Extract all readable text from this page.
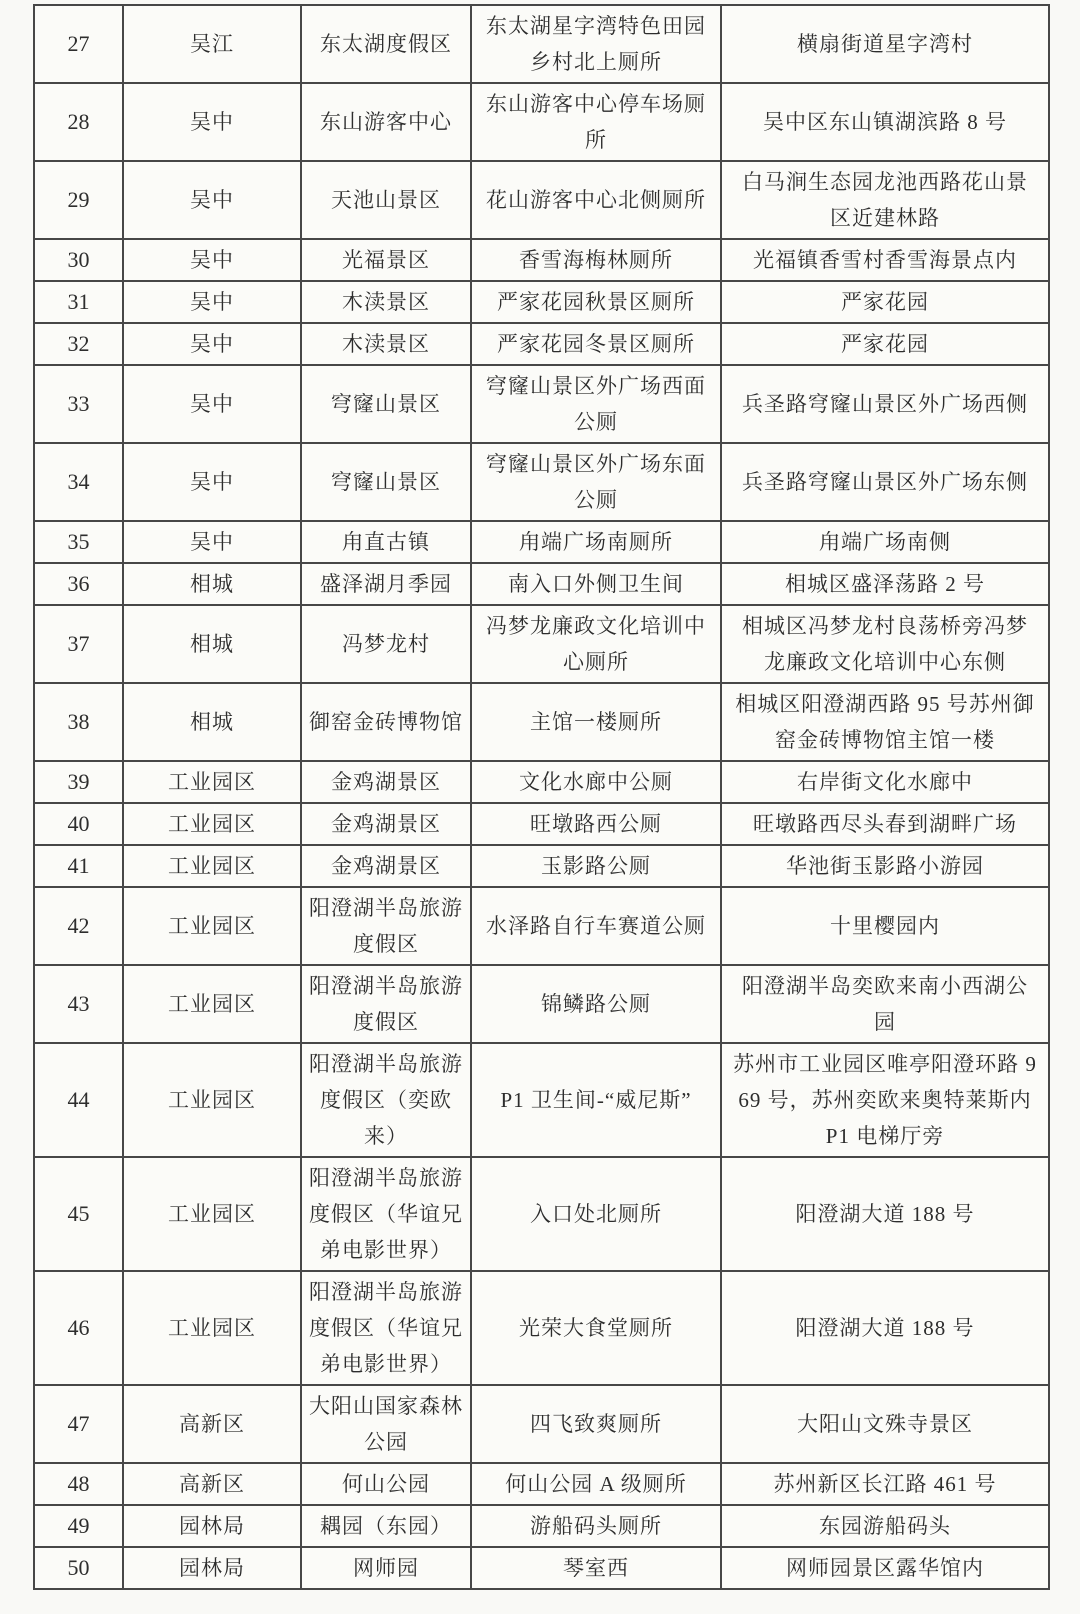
27	吴江	东太湖度假区	东太湖星字湾特色田园乡村北上厕所	横扇街道星字湾村
28	吴中	东山游客中心	东山游客中心停车场厕所	吴中区东山镇湖滨路 8 号
29	吴中	天池山景区	花山游客中心北侧厕所	白马涧生态园龙池西路花山景区近建林路
30	吴中	光福景区	香雪海梅林厕所	光福镇香雪村香雪海景点内
31	吴中	木渎景区	严家花园秋景区厕所	严家花园
32	吴中	木渎景区	严家花园冬景区厕所	严家花园
33	吴中	穹窿山景区	穹窿山景区外广场西面公厕	兵圣路穹窿山景区外广场西侧
34	吴中	穹窿山景区	穹窿山景区外广场东面公厕	兵圣路穹窿山景区外广场东侧
35	吴中	甪直古镇	甪端广场南厕所	甪端广场南侧
36	相城	盛泽湖月季园	南入口外侧卫生间	相城区盛泽荡路 2 号
37	相城	冯梦龙村	冯梦龙廉政文化培训中心厕所	相城区冯梦龙村良荡桥旁冯梦龙廉政文化培训中心东侧
38	相城	御窑金砖博物馆	主馆一楼厕所	相城区阳澄湖西路 95 号苏州御窑金砖博物馆主馆一楼
39	工业园区	金鸡湖景区	文化水廊中公厕	右岸街文化水廊中
40	工业园区	金鸡湖景区	旺墩路西公厕	旺墩路西尽头春到湖畔广场
41	工业园区	金鸡湖景区	玉影路公厕	华池街玉影路小游园
42	工业园区	阳澄湖半岛旅游度假区	水泽路自行车赛道公厕	十里樱园内
43	工业园区	阳澄湖半岛旅游度假区	锦鳞路公厕	阳澄湖半岛奕欧来南小西湖公园
44	工业园区	阳澄湖半岛旅游度假区（奕欧来）	P1 卫生间-“威尼斯”	苏州市工业园区唯亭阳澄环路 969 号，苏州奕欧来奥特莱斯内 P1 电梯厅旁
45	工业园区	阳澄湖半岛旅游度假区（华谊兄弟电影世界）	入口处北厕所	阳澄湖大道 188 号
46	工业园区	阳澄湖半岛旅游度假区（华谊兄弟电影世界）	光荣大食堂厕所	阳澄湖大道 188 号
47	高新区	大阳山国家森林公园	四飞致爽厕所	大阳山文殊寺景区
48	高新区	何山公园	何山公园 A 级厕所	苏州新区长江路 461 号
49	园林局	耦园（东园）	游船码头厕所	东园游船码头
50	园林局	网师园	琴室西	网师园景区露华馆内
